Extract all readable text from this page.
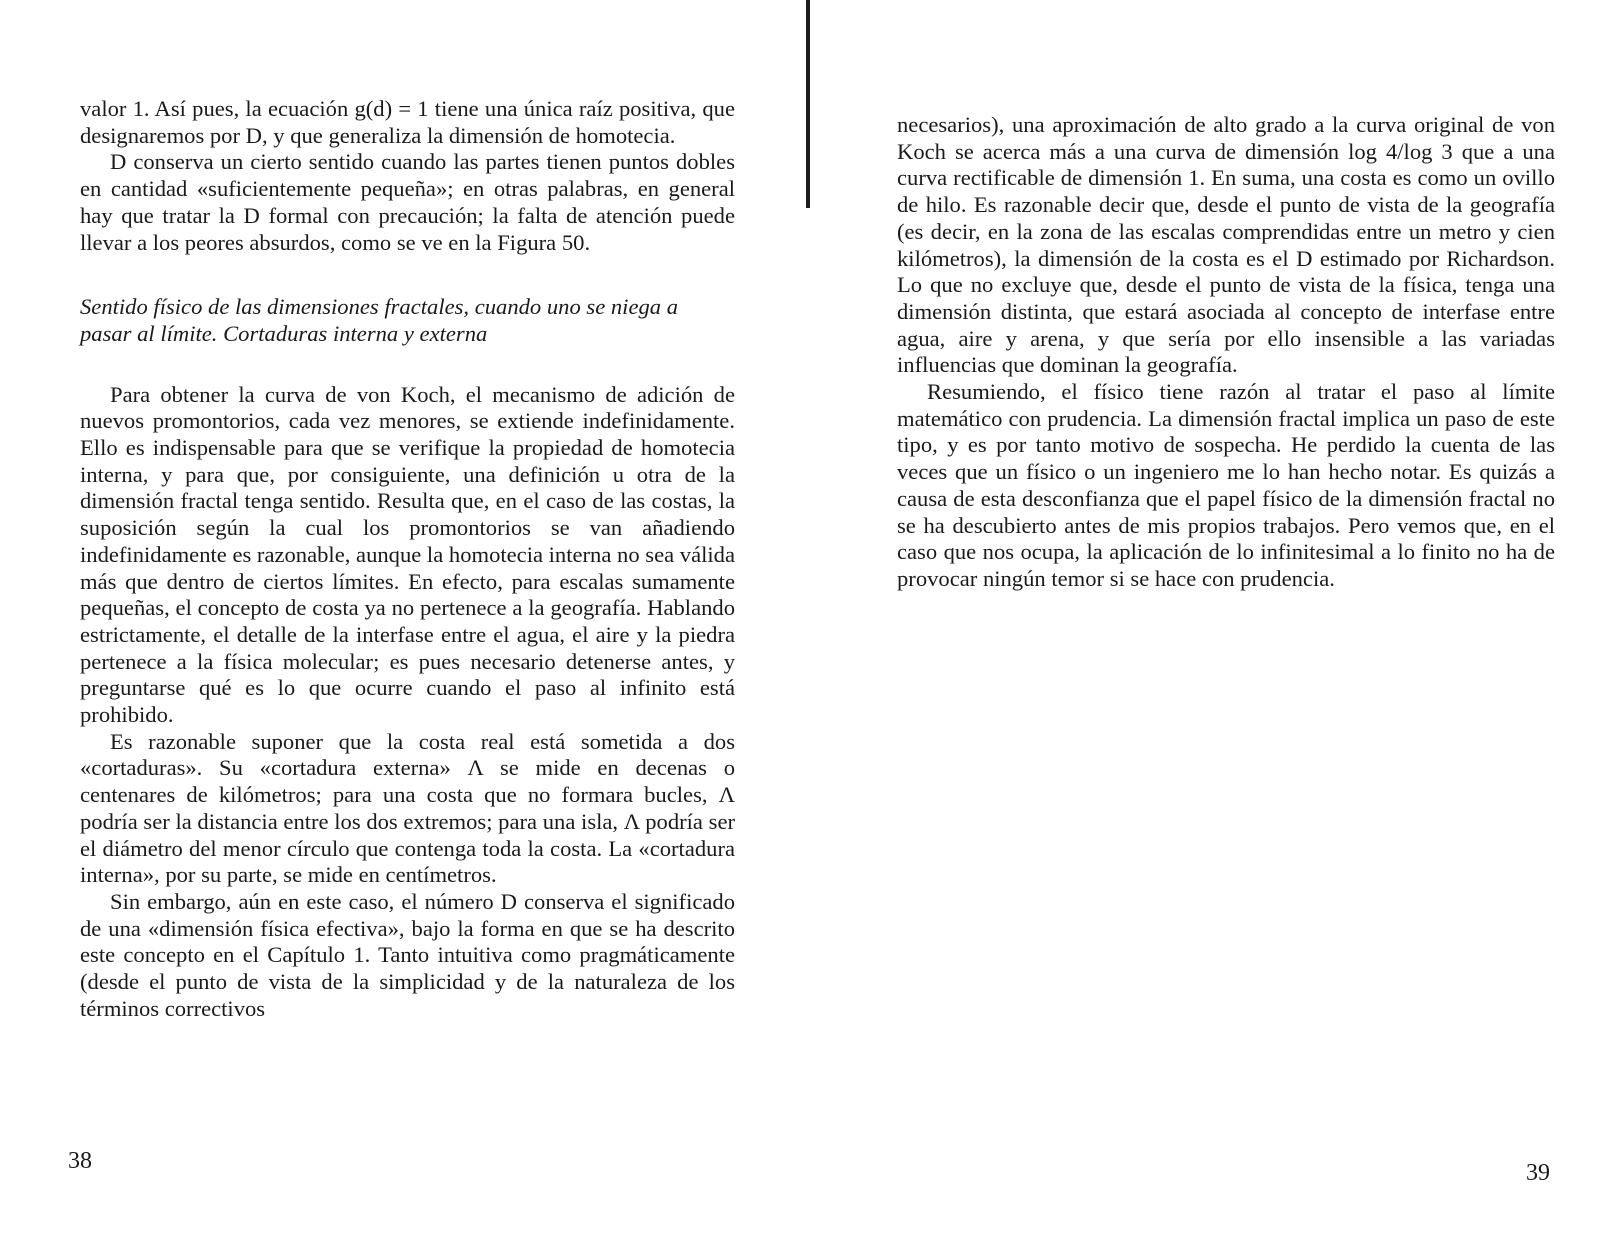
valor 1. Así pues, la ecuación g(d) = 1 tiene una única raíz positiva, que designaremos por D, y que generaliza la dimensión de homotecia.

D conserva un cierto sentido cuando las partes tienen puntos dobles en cantidad «suficientemente pequeña»; en otras palabras, en general hay que tratar la D formal con precaución; la falta de atención puede llevar a los peores absurdos, como se ve en la Figura 50.

Sentido físico de las dimensiones fractales, cuando uno se niega a pasar al límite. Cortaduras interna y externa

Para obtener la curva de von Koch, el mecanismo de adición de nuevos promontorios, cada vez menores, se extiende indefinidamente. Ello es indispensable para que se verifique la propiedad de homotecia interna, y para que, por consiguiente, una definición u otra de la dimensión fractal tenga sentido. Resulta que, en el caso de las costas, la suposición según la cual los promontorios se van añadiendo indefinidamente es razonable, aunque la homotecia interna no sea válida más que dentro de ciertos límites. En efecto, para escalas sumamente pequeñas, el concepto de costa ya no pertenece a la geografía. Hablando estrictamente, el detalle de la interfase entre el agua, el aire y la piedra pertenece a la física molecular; es pues necesario detenerse antes, y preguntarse qué es lo que ocurre cuando el paso al infinito está prohibido.

Es razonable suponer que la costa real está sometida a dos «cortaduras». Su «cortadura externa» Λ se mide en decenas o centenares de kilómetros; para una costa que no formara bucles, Λ podría ser la distancia entre los dos extremos; para una isla, Λ podría ser el diámetro del menor círculo que contenga toda la costa. La «cortadura interna», por su parte, se mide en centímetros.

Sin embargo, aún en este caso, el número D conserva el significado de una «dimensión física efectiva», bajo la forma en que se ha descrito este concepto en el Capítulo 1. Tanto intuitiva como pragmáticamente (desde el punto de vista de la simplicidad y de la naturaleza de los términos correctivos

38

necesarios), una aproximación de alto grado a la curva original de von Koch se acerca más a una curva de dimensión log 4/log 3 que a una curva rectificable de dimensión 1. En suma, una costa es como un ovillo de hilo. Es razonable decir que, desde el punto de vista de la geografía (es decir, en la zona de las escalas comprendidas entre un metro y cien kilómetros), la dimensión de la costa es el D estimado por Richardson. Lo que no excluye que, desde el punto de vista de la física, tenga una dimensión distinta, que estará asociada al concepto de interfase entre agua, aire y arena, y que sería por ello insensible a las variadas influencias que dominan la geografía.

Resumiendo, el físico tiene razón al tratar el paso al límite matemático con prudencia. La dimensión fractal implica un paso de este tipo, y es por tanto motivo de sospecha. He perdido la cuenta de las veces que un físico o un ingeniero me lo han hecho notar. Es quizás a causa de esta desconfianza que el papel físico de la dimensión fractal no se ha descubierto antes de mis propios trabajos. Pero vemos que, en el caso que nos ocupa, la aplicación de lo infinitesimal a lo finito no ha de provocar ningún temor si se hace con prudencia.

39
